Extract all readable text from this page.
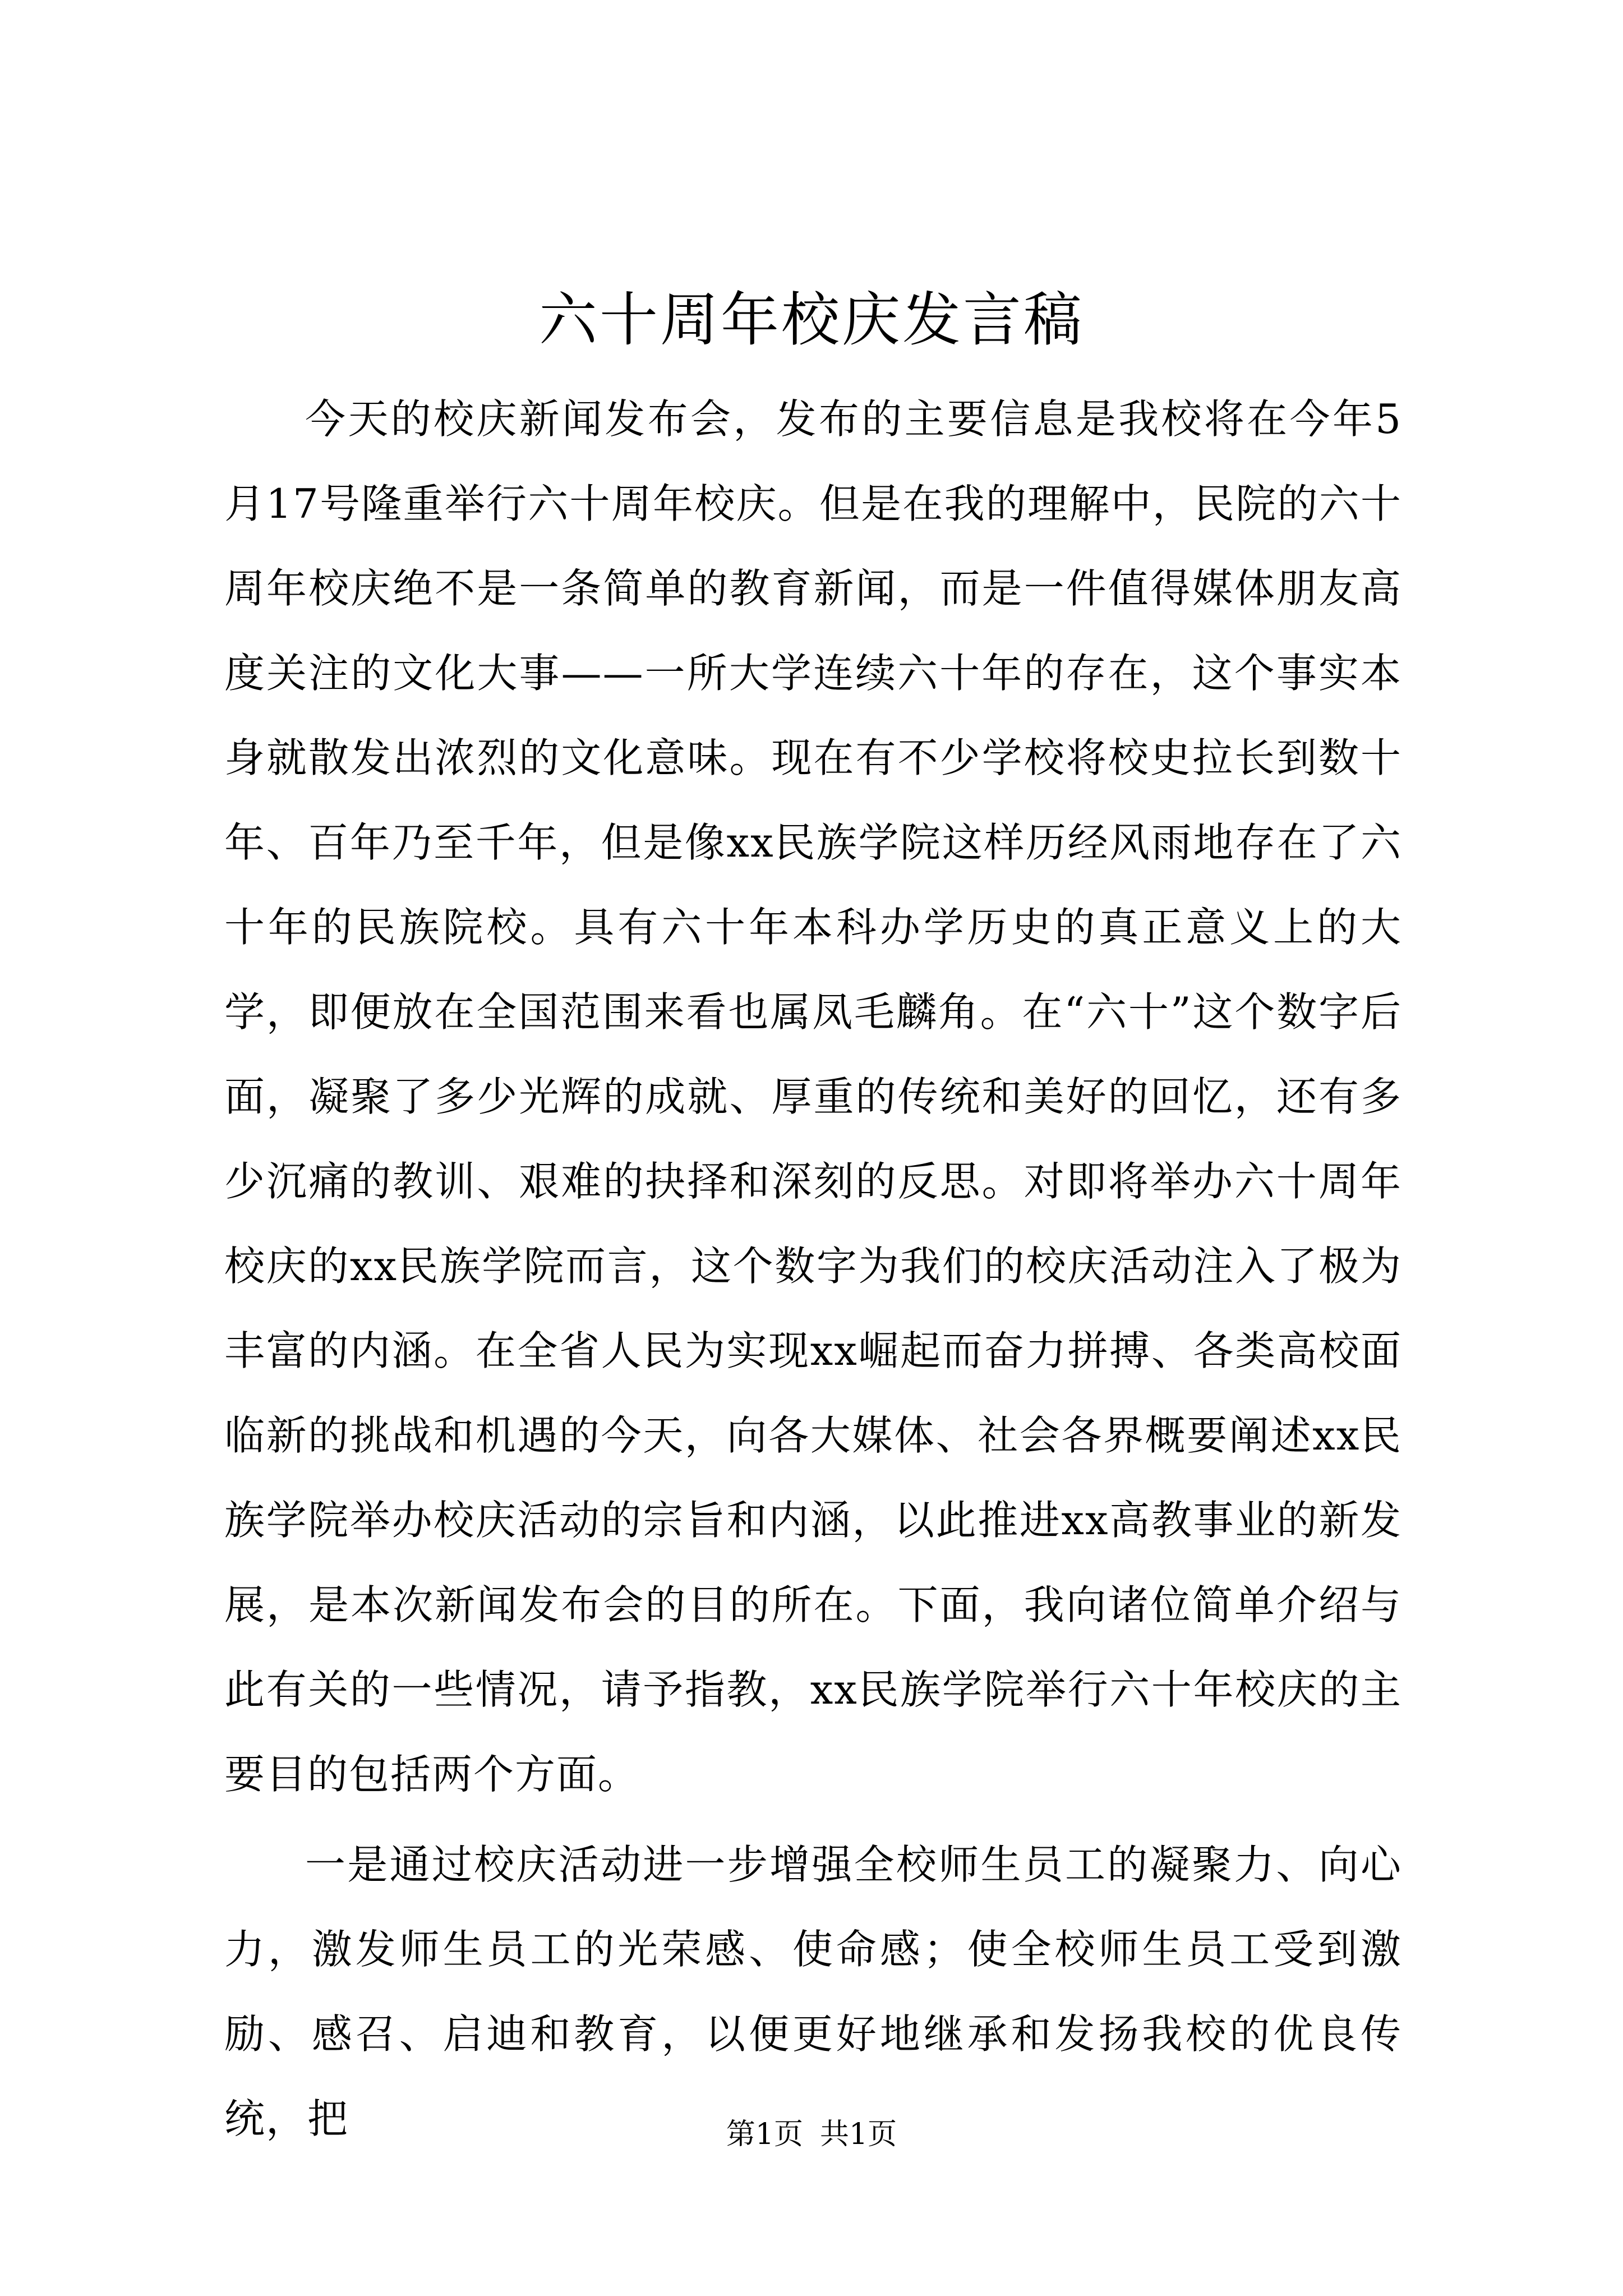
六十周年校庆发言稿

今天的校庆新闻发布会，发布的主要信息是我校将在今年5月17号隆重举行六十周年校庆。但是在我的理解中，民院的六十周年校庆绝不是一条简单的教育新闻，而是一件值得媒体朋友高度关注的文化大事——一所大学连续六十年的存在，这个事实本身就散发出浓烈的文化意味。现在有不少学校将校史拉长到数十年、百年乃至千年，但是像xx民族学院这样历经风雨地存在了六十年的民族院校。具有六十年本科办学历史的真正意义上的大学，即便放在全国范围来看也属凤毛麟角。在“六十”这个数字后面，凝聚了多少光辉的成就、厚重的传统和美好的回忆，还有多少沉痛的教训、艰难的抉择和深刻的反思。对即将举办六十周年校庆的xx民族学院而言，这个数字为我们的校庆活动注入了极为丰富的内涵。在全省人民为实现xx崛起而奋力拼搏、各类高校面临新的挑战和机遇的今天，向各大媒体、社会各界概要阐述xx民族学院举办校庆活动的宗旨和内涵，以此推进xx高教事业的新发展，是本次新闻发布会的目的所在。下面，我向诸位简单介绍与此有关的一些情况，请予指教，xx民族学院举行六十年校庆的主要目的包括两个方面。

一是通过校庆活动进一步增强全校师生员工的凝聚力、向心力，激发师生员工的光荣感、使命感；使全校师生员工受到激励、感召、启迪和教育，以便更好地继承和发扬我校的优良传统，把	第1页 共1页
